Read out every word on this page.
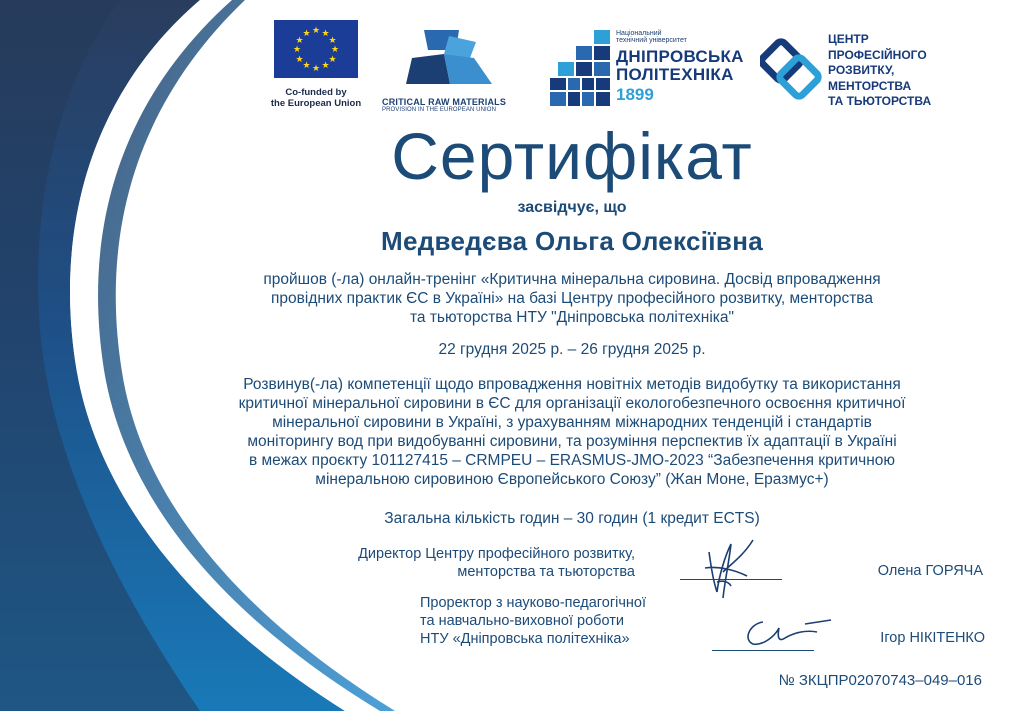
★ ★
★
★
★
★
★
★
★
★
★
★
Co-funded by
the European Union	CRITICAL RAW MATERIALS
PROVISION IN THE EUROPEAN UNION
Національний
технічний університет
ДНІПРОВСЬКА
ПОЛІТЕХНІКА
1899
ЦЕНТР
ПРОФЕСІЙНОГО
РОЗВИТКУ,
МЕНТОРСТВА
ТА ТЬЮТОРСТВА
Сертифікат
засвідчує, що
Медведєва Ольга Олексіївна
пройшов (-ла) онлайн-тренінг «Критична мінеральна сировина. Досвід впровадження
провідних практик ЄС в Україні» на базі Центру професійного розвитку, менторства
та тьюторства НТУ "Дніпровська політехніка"
22 грудня 2025 р. – 26 грудня 2025 р.
Розвинув(-ла) компетенції щодо впровадження новітніх методів видобутку та використання
критичної мінеральної сировини в ЄС для організації екологобезпечного освоєння критичної
мінеральної сировини в Україні, з урахуванням міжнародних тенденцій і стандартів
моніторингу вод при видобуванні сировини, та розуміння перспектив їх адаптації в Україні
в межах проєкту 101127415 – CRMPEU – ERASMUS-JMO-2023 “Забезпечення критичною
мінеральною сировиною Європейського Союзу” (Жан Моне, Еразмус+)
Загальна кількість годин – 30 годин (1 кредит ECTS)
Директор Центру професійного розвитку,
менторства та тьюторства	Олена ГОРЯЧА
Проректор з науково-педагогічної
та навчально-виховної роботи
НТУ «Дніпровська політехніка»	Ігор НІКІТЕНКО
№ ЗКЦПР02070743–049–016
